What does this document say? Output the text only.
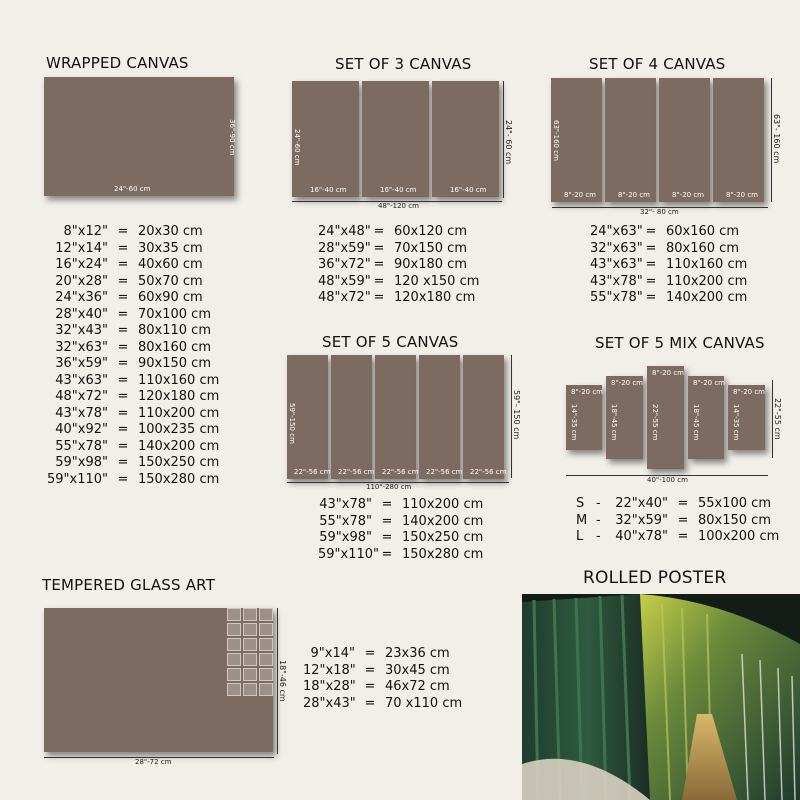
WRAPPED CANVAS
24"-60 cm
36"-90 cm
8"x12" = 20x30 cm
12"x14" = 30x35 cm
16"x24" = 40x60 cm
20"x28" = 50x70 cm
24"x36" = 60x90 cm
28"x40" = 70x100 cm
32"x43" = 80x110 cm
32"x63" = 80x160 cm
36"x59" = 90x150 cm
43"x63" = 110x160 cm
48"x72" = 120x180 cm
43"x78" = 110x200 cm
40"x92" = 100x235 cm
55"x78" = 140x200 cm
59"x98" = 150x250 cm
59"x110" = 150x280 cm
SET OF 3 CANVAS
16"-40 cm
24"-60 cm
16"-40 cm	16"-40 cm
24"- 60 cm
48"-120 cm
24"x48" = 60x120 cm
28"x59" = 70x150 cm
36"x72" = 90x180 cm
48"x59" = 120 x150 cm
48"x72" = 120x180 cm
SET OF 4 CANVAS
8"-20 cm
63"-160 cm
8"-20 cm	8"-20 cm	8"-20 cm
63"- 160 cm
32"- 80 cm
24"x63" = 60x160 cm
32"x63" = 80x160 cm
43"x63" = 110x160 cm
43"x78" = 110x200 cm
55"x78" = 140x200 cm
SET OF 5 CANVAS
22"-56 cm
59"-150 cm
22"-56 cm 22"-56 cm 22"-56 cm 22"-56 cm
59"- 150 cm
110"-280 cm
43"x78" = 110x200 cm
55"x78" = 140x200 cm
59"x98" = 150x250 cm
59"x110" = 150x280 cm
SET OF 5 MIX CANVAS
8"-20 cm
14"-35 cm
8"-20 cm
18"-45 cm
8"-20 cm
22"-55 cm
8"-20 cm
18"-45 cm
8"-20 cm
14"-35 cm	22"-55 cm
40"-100 cm
S -	22"x40" = 55x100 cm
M -	32"x59" = 80x150 cm
L -	40"x78" = 100x200 cm
TEMPERED GLASS ART
18"-46 cm
28"-72 cm
9"x14" = 23x36 cm
12"x18" = 30x45 cm
18"x28" = 46x72 cm
28"x43" = 70 x110 cm
ROLLED POSTER
